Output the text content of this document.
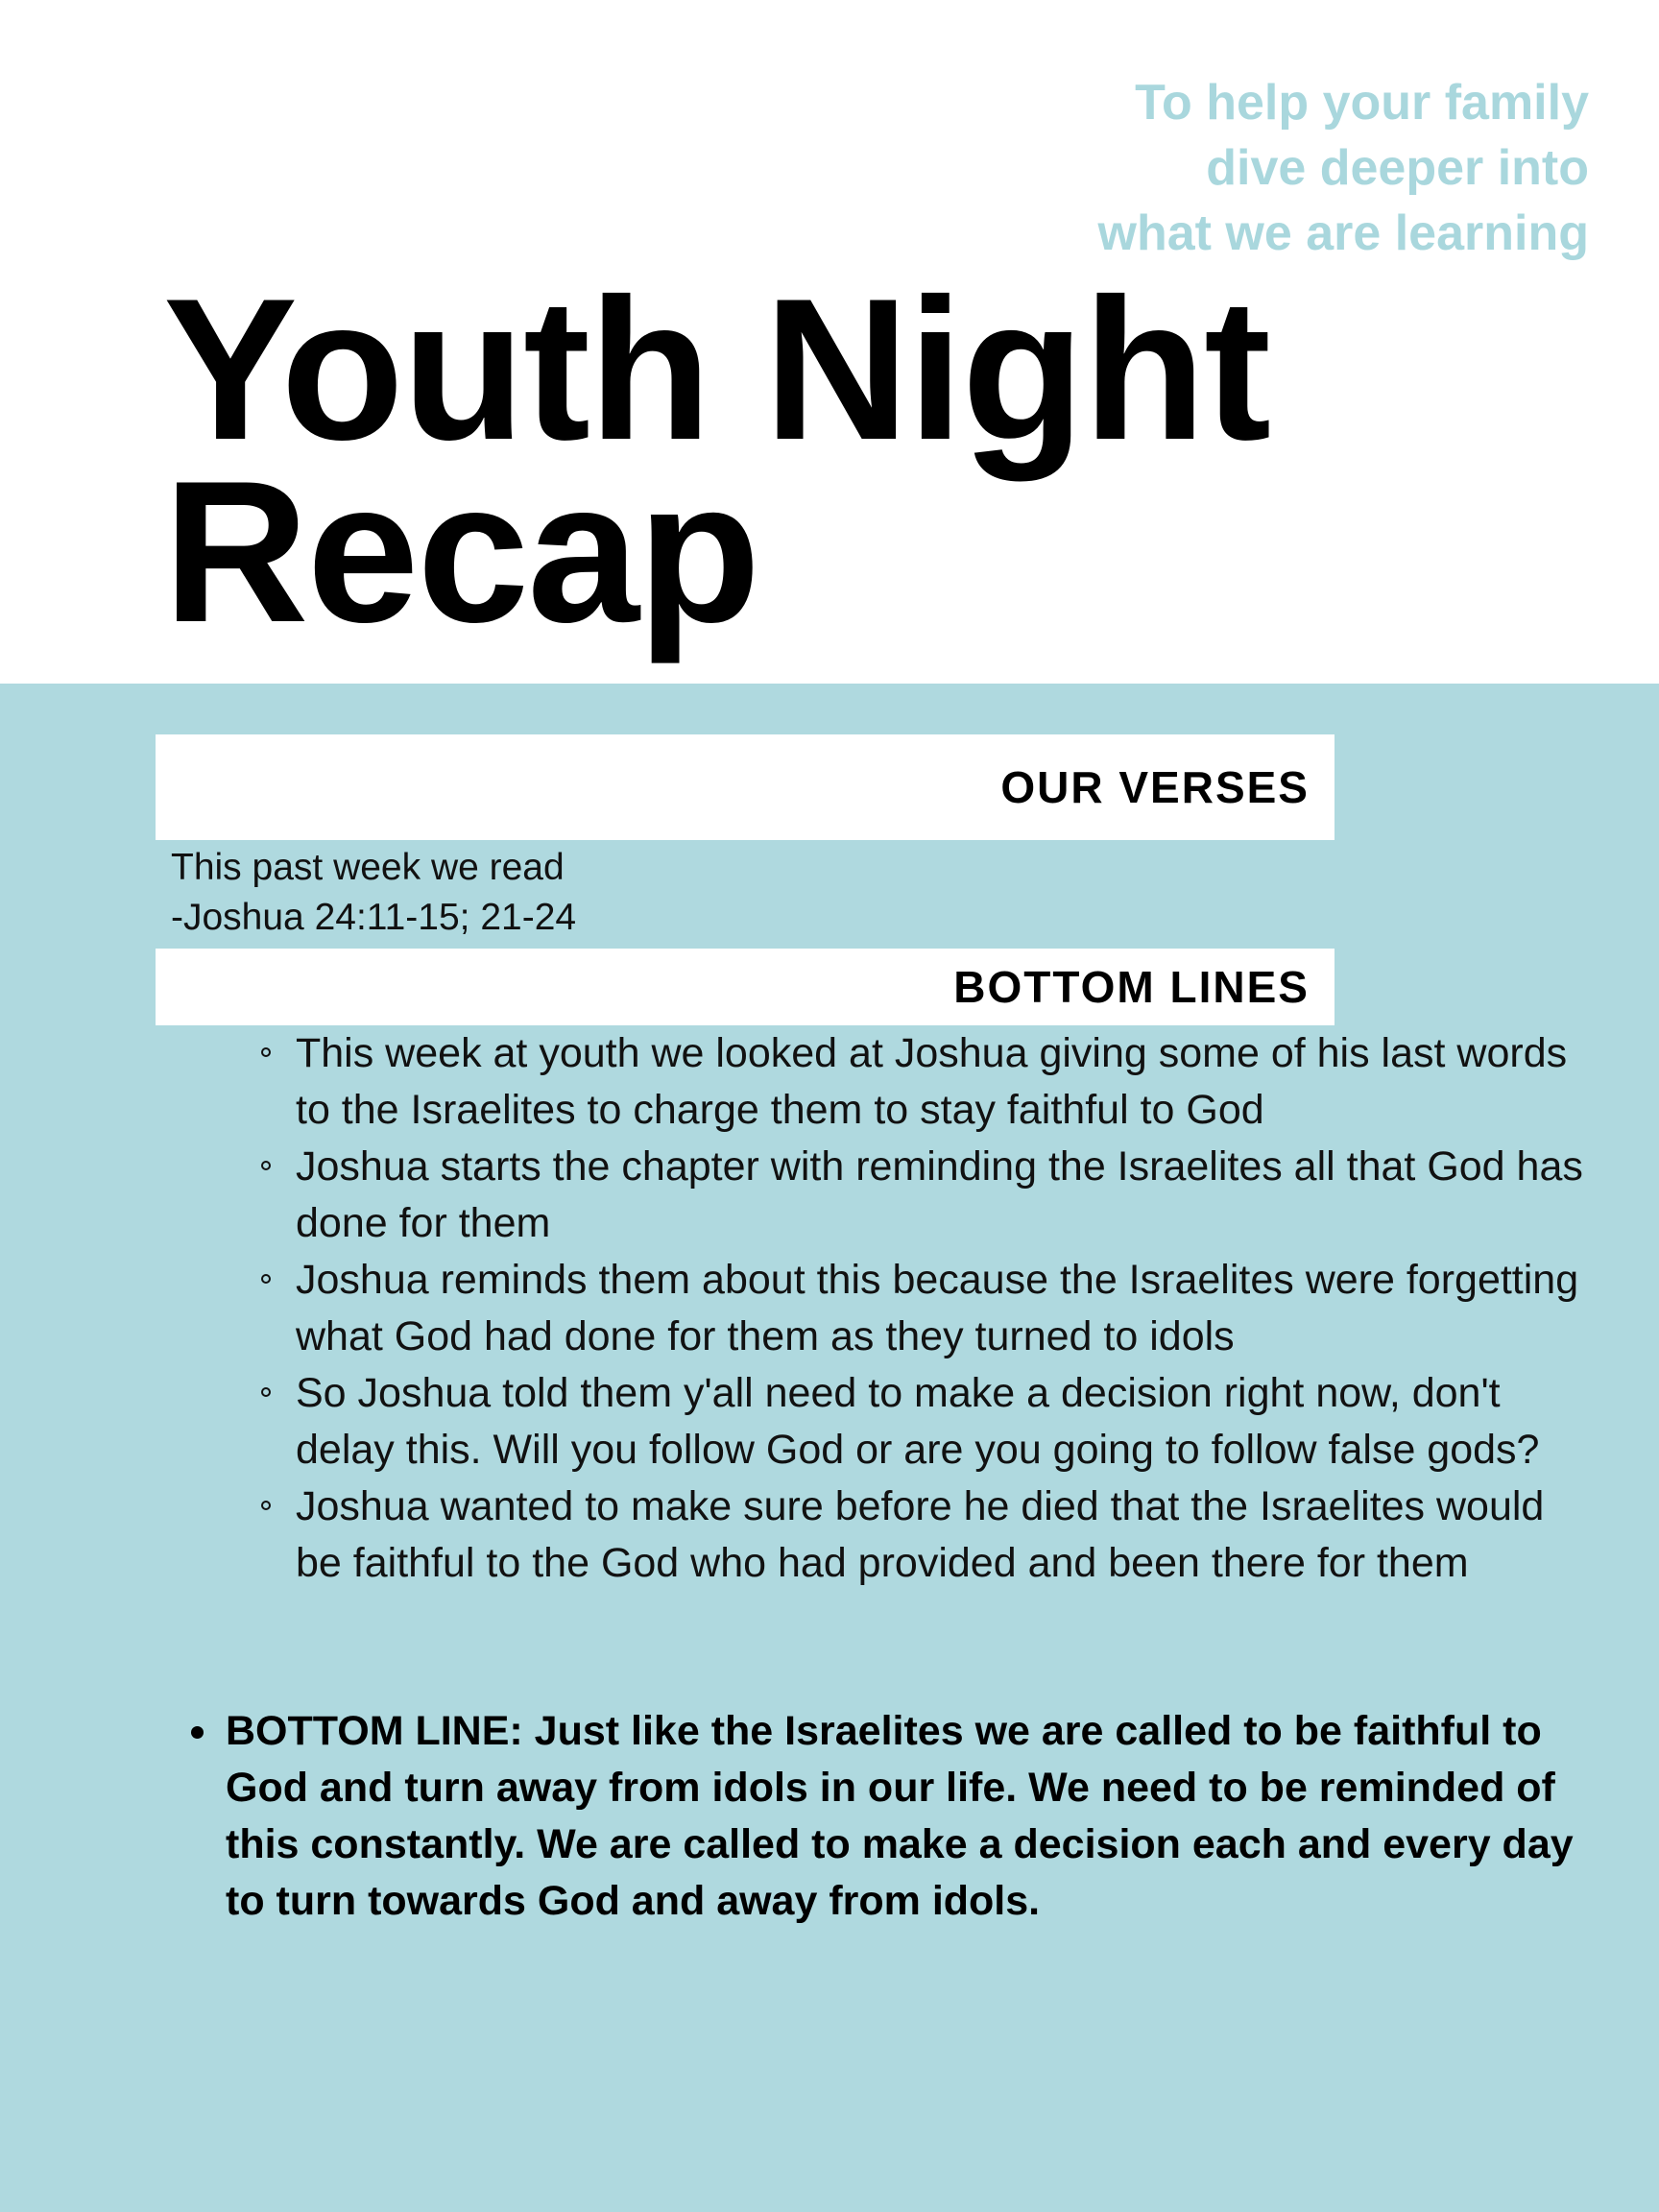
To help your family
dive deeper into
what we are learning
Youth Night
Recap
OUR VERSES
This past week we read
-Joshua 24:11-15; 21-24
BOTTOM LINES
This week at youth we looked at Joshua giving some of his last words to the Israelites to charge them to stay faithful to God
Joshua starts the chapter with reminding the Israelites all that God has done for them
Joshua reminds them about this because the Israelites were forgetting what God had done for them as they turned to idols
So Joshua told them y'all need to make a decision right now, don't delay this. Will you follow God or are you going to follow false gods?
Joshua wanted to make sure before he died that the Israelites would be faithful to the God who had provided and been there for them
BOTTOM LINE: Just like the Israelites we are called to be faithful to God and turn away from idols in our life. We need to be reminded of this constantly. We are called to make a decision each and every day to turn towards God and away from idols.
